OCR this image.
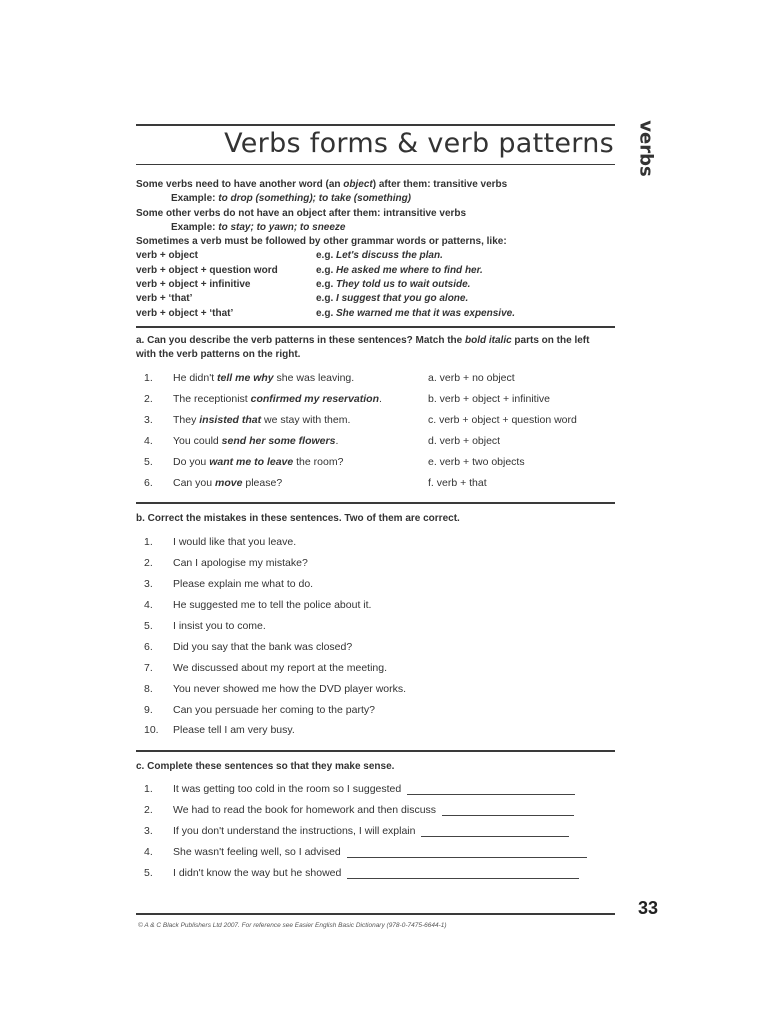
Verbs forms & verb patterns verbs
Some verbs need to have another word (an object) after them: transitive verbs
Example: to drop (something); to take (something)
Some other verbs do not have an object after them: intransitive verbs
Example: to stay; to yawn; to sneeze
Sometimes a verb must be followed by other grammar words or patterns, like:
verb + object	e.g. Let's discuss the plan.
verb + object + question word	e.g. He asked me where to find her.
verb + object + infinitive	e.g. They told us to wait outside.
verb + ‘that’	e.g. I suggest that you go alone.
verb + object + ‘that’	e.g. She warned me that it was expensive.
a. Can you describe the verb patterns in these sentences? Match the bold italic parts on the left
with the verb patterns on the right.
1.	He didn't tell me why she was leaving.	a. verb + no object
2.	The receptionist confirmed my reservation.	b. verb + object + infinitive
3.	They insisted that we stay with them.	c. verb + object + question word
4.	You could send her some flowers.	d. verb + object
5.	Do you want me to leave the room?	e. verb + two objects
6.	Can you move please?	f. verb + that
b. Correct the mistakes in these sentences. Two of them are correct.
1.	I would like that you leave.
2.	Can I apologise my mistake?
3.	Please explain me what to do.
4.	He suggested me to tell the police about it.
5.	I insist you to come.
6.	Did you say that the bank was closed?
7.	We discussed about my report at the meeting.
8.	You never showed me how the DVD player works.
9.	Can you persuade her coming to the party?
10.	Please tell I am very busy.
c. Complete these sentences so that they make sense.
1.	It was getting too cold in the room so I suggested
2.	We had to read the book for homework and then discuss
3.	If you don't understand the instructions, I will explain
4.	She wasn't feeling well, so I advised
5.	I didn't know the way but he showed
33
© A & C Black Publishers Ltd 2007. For reference see Easier English Basic Dictionary (978-0-7475-6644-1)
